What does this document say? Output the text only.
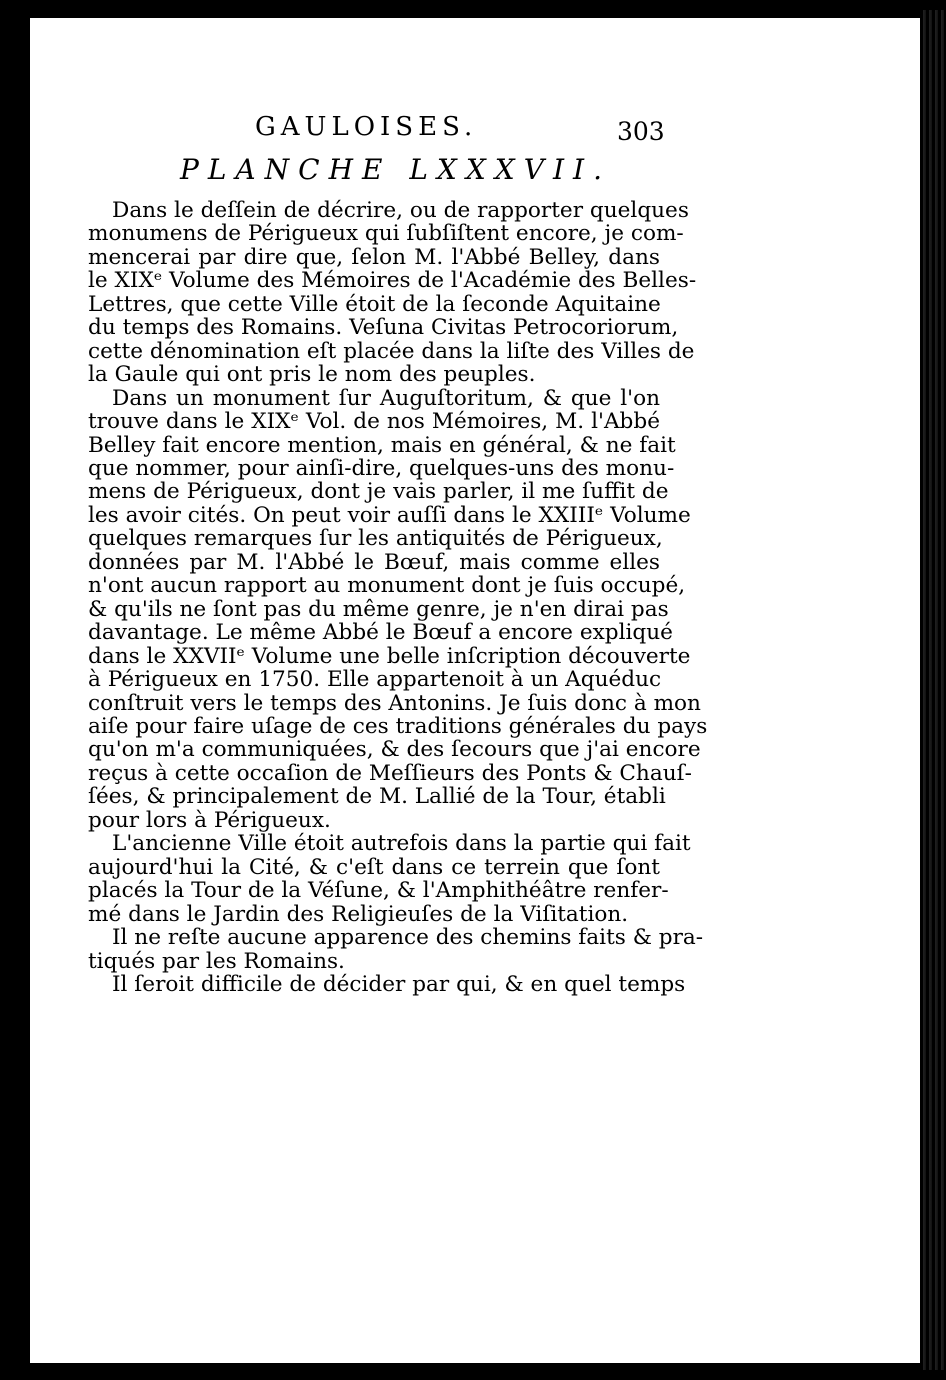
GAULOISES.	303
PLANCHE LXXXVII.
Dans le deſſein de décrire, ou de rapporter quelques
monumens de Périgueux qui ſubſiſtent encore, je com-
mencerai par dire que, ſelon M. l'Abbé Belley, dans
le XIXᵉ Volume des Mémoires de l'Académie des Belles-
Lettres, que cette Ville étoit de la ſeconde Aquitaine
du temps des Romains. Veſuna Civitas Petrocoriorum,
cette dénomination eſt placée dans la liſte des Villes de
la Gaule qui ont pris le nom des peuples.
Dans un monument ſur Auguſtoritum, & que l'on
trouve dans le XIXᵉ Vol. de nos Mémoires, M. l'Abbé
Belley fait encore mention, mais en général, & ne fait
que nommer, pour ainſi-dire, quelques-uns des monu-
mens de Périgueux, dont je vais parler, il me ſuffit de
les avoir cités. On peut voir auſſi dans le XXIIIᵉ Volume
quelques remarques ſur les antiquités de Périgueux,
données par M. l'Abbé le Bœuf, mais comme elles
n'ont aucun rapport au monument dont je ſuis occupé,
& qu'ils ne ſont pas du même genre, je n'en dirai pas
davantage. Le même Abbé le Bœuf a encore expliqué
dans le XXVIIᵉ Volume une belle inſcription découverte
à Périgueux en 1750. Elle appartenoit à un Aquéduc
conſtruit vers le temps des Antonins. Je ſuis donc à mon
aiſe pour faire uſage de ces traditions générales du pays
qu'on m'a communiquées, & des ſecours que j'ai encore
reçus à cette occaſion de Meſſieurs des Ponts & Chauſ-
ſées, & principalement de M. Lallié de la Tour, établi
pour lors à Périgueux.
L'ancienne Ville étoit autrefois dans la partie qui fait
aujourd'hui la Cité, & c'eſt dans ce terrein que ſont
placés la Tour de la Véſune, & l'Amphithéâtre renfer-
mé dans le Jardin des Religieuſes de la Viſitation.
Il ne reſte aucune apparence des chemins faits & pra-
tiqués par les Romains.
Il ſeroit difficile de décider par qui, & en quel temps
